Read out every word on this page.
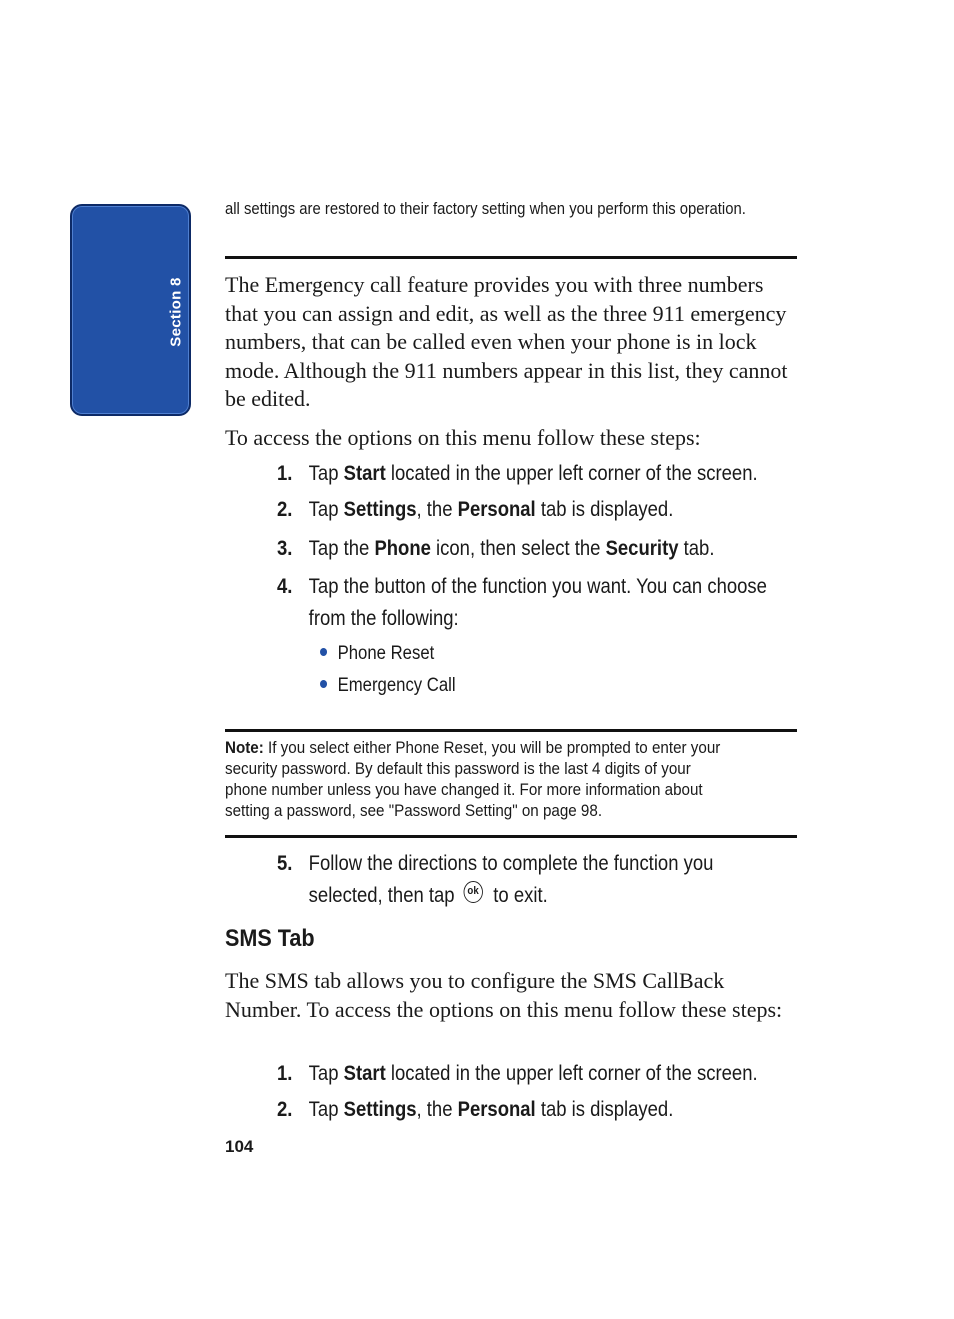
Section 8
all settings are restored to their factory setting when you perform this operation.
The Emergency call feature provides you with three numbers that you can assign and edit, as well as the three 911 emergency numbers, that can be called even when your phone is in lock mode. Although the 911 numbers appear in this list, they cannot be edited.
To access the options on this menu follow these steps:
1. Tap Start located in the upper left corner of the screen.
2. Tap Settings, the Personal tab is displayed.
3. Tap the Phone icon, then select the Security tab.
4. Tap the button of the function you want. You can choose
from the following:
Phone Reset
Emergency Call
Note: If you select either Phone Reset, you will be prompted to enter your
security password. By default this password is the last 4 digits of your
phone number unless you have changed it. For more information about
setting a password, see "Password Setting" on page 98.
5. Follow the directions to complete the function you
selected, then tap ok to exit.
SMS Tab
The SMS tab allows you to configure the SMS CallBack Number. To access the options on this menu follow these steps:
1. Tap Start located in the upper left corner of the screen.
2. Tap Settings, the Personal tab is displayed.
104
